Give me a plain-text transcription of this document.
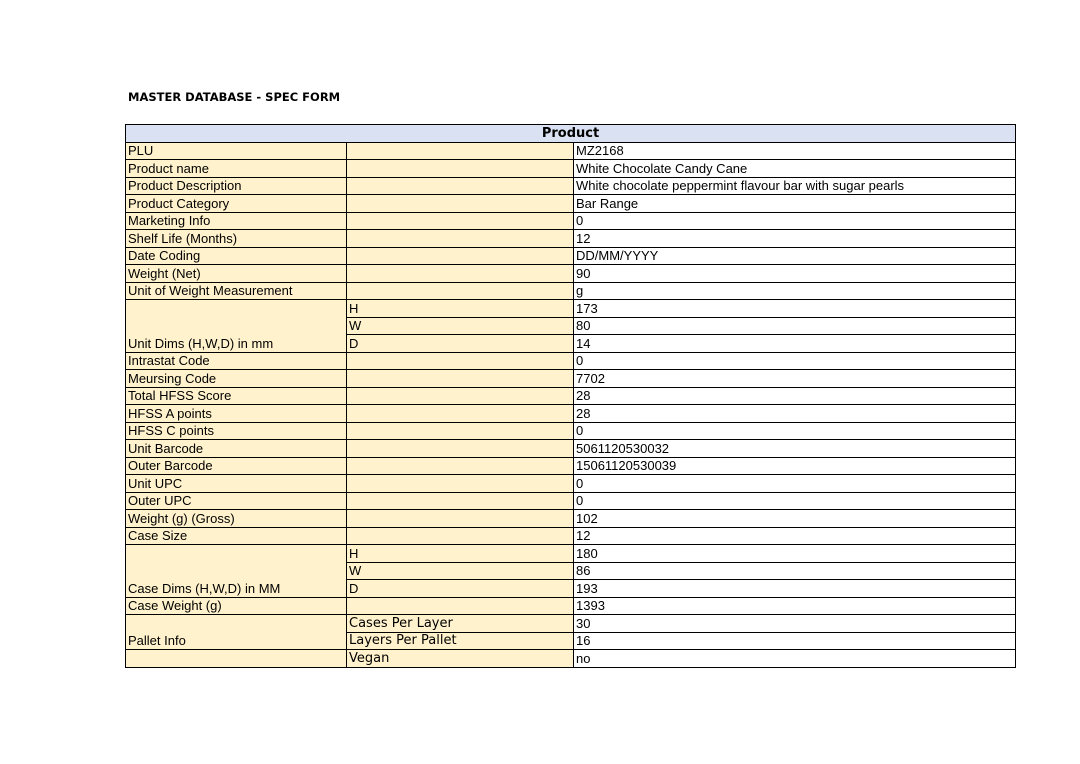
MASTER DATABASE - SPEC FORM
Product		
PLU		MZ2168
Product name		White Chocolate Candy Cane
Product Description		White chocolate peppermint flavour bar with sugar pearls
Product Category		Bar Range
Marketing Info		0
Shelf Life (Months)		12
Date Coding		DD/MM/YYYY
Weight (Net)		90
Unit of Weight Measurement		g
Unit Dims (H,W,D) in mm	H	173
	W	80
	D	14
Intrastat Code		0
Meursing Code		7702
Total HFSS Score		28
HFSS A points		28
HFSS C points		0
Unit Barcode		5061120530032
Outer Barcode		15061120530039
Unit UPC		0
Outer UPC		0
Weight (g) (Gross)		102
Case Size		12
Case Dims (H,W,D) in MM	H	180
	W	86
	D	193
Case Weight (g)		1393
Pallet Info	Cases Per Layer	30
	Layers Per Pallet	16
	Vegan	no
